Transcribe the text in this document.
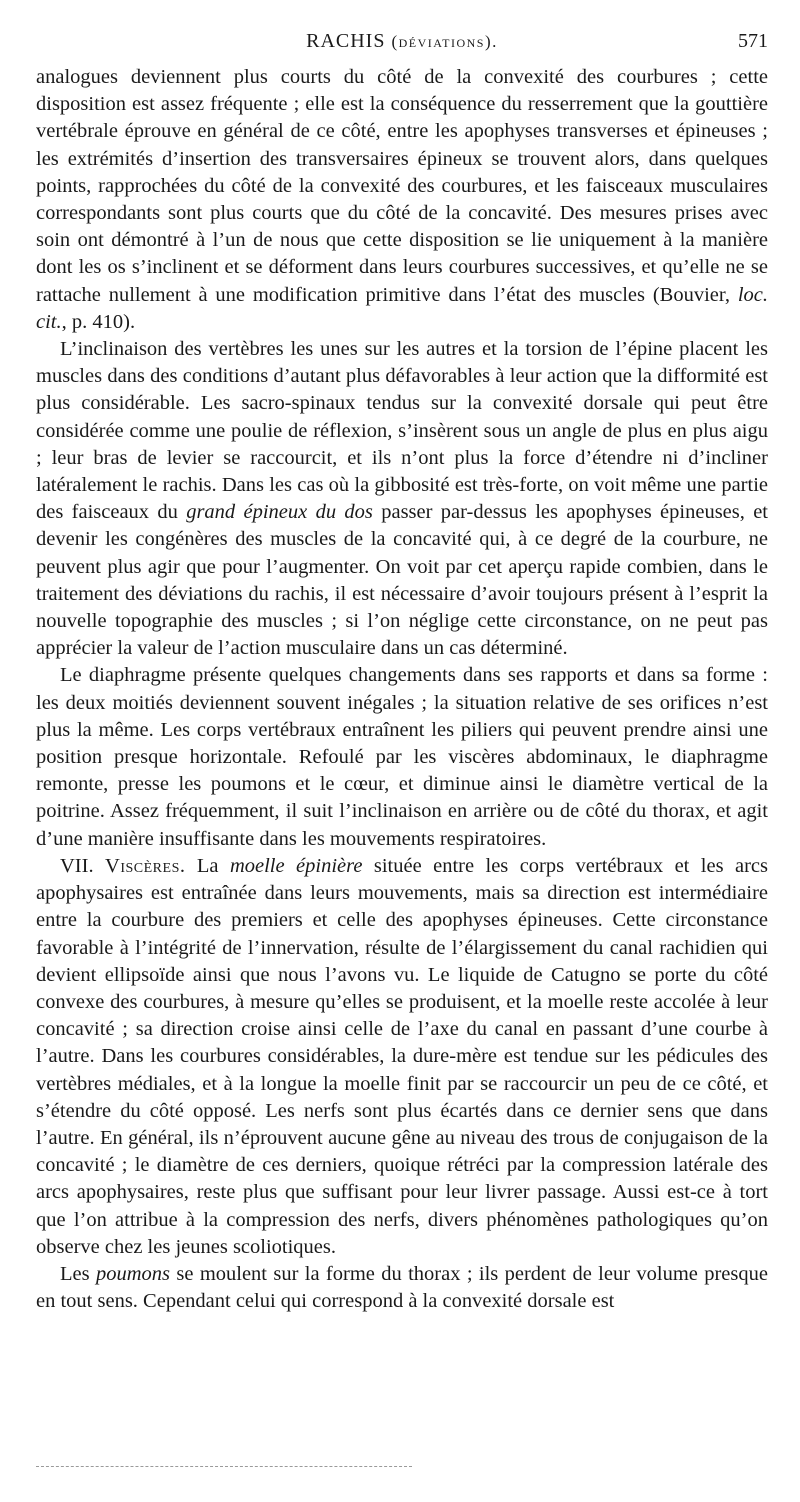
RACHIS (déviations).	571

analogues deviennent plus courts du côté de la convexité des courbures ; cette disposition est assez fréquente ; elle est la conséquence du resserrement que la gouttière vertébrale éprouve en général de ce côté, entre les apophyses transverses et épineuses ; les extrémités d’insertion des transversaires épineux se trouvent alors, dans quelques points, rapprochées du côté de la convexité des courbures, et les faisceaux musculaires correspondants sont plus courts que du côté de la concavité. Des mesures prises avec soin ont démontré à l’un de nous que cette disposition se lie uniquement à la manière dont les os s’inclinent et se déforment dans leurs courbures successives, et qu’elle ne se rattache nullement à une modification primitive dans l’état des muscles (Bouvier, loc. cit., p. 410).

L’inclinaison des vertèbres les unes sur les autres et la torsion de l’épine placent les muscles dans des conditions d’autant plus défavorables à leur action que la difformité est plus considérable. Les sacro-spinaux tendus sur la convexité dorsale qui peut être considérée comme une poulie de réflexion, s’insèrent sous un angle de plus en plus aigu ; leur bras de levier se raccourcit, et ils n’ont plus la force d’étendre ni d’incliner latéralement le rachis. Dans les cas où la gibbosité est très-forte, on voit même une partie des faisceaux du grand épineux du dos passer par-dessus les apophyses épineuses, et devenir les congénères des muscles de la concavité qui, à ce degré de la courbure, ne peuvent plus agir que pour l’augmenter. On voit par cet aperçu rapide combien, dans le traitement des déviations du rachis, il est nécessaire d’avoir toujours présent à l’esprit la nouvelle topographie des muscles ; si l’on néglige cette circonstance, on ne peut pas apprécier la valeur de l’action musculaire dans un cas déterminé.

Le diaphragme présente quelques changements dans ses rapports et dans sa forme : les deux moitiés deviennent souvent inégales ; la situation relative de ses orifices n’est plus la même. Les corps vertébraux entraînent les piliers qui peuvent prendre ainsi une position presque horizontale. Refoulé par les viscères abdominaux, le diaphragme remonte, presse les poumons et le cœur, et diminue ainsi le diamètre vertical de la poitrine. Assez fréquemment, il suit l’inclinaison en arrière ou de côté du thorax, et agit d’une manière insuffisante dans les mouvements respiratoires.

VII. Viscères. La moelle épinière située entre les corps vertébraux et les arcs apophysaires est entraînée dans leurs mouvements, mais sa direction est intermédiaire entre la courbure des premiers et celle des apophyses épineuses. Cette circonstance favorable à l’intégrité de l’innervation, résulte de l’élargissement du canal rachidien qui devient ellipsoïde ainsi que nous l’avons vu. Le liquide de Catugno se porte du côté convexe des courbures, à mesure qu’elles se produisent, et la moelle reste accolée à leur concavité ; sa direction croise ainsi celle de l’axe du canal en passant d’une courbe à l’autre. Dans les courbures considérables, la dure-mère est tendue sur les pédicules des vertèbres médiales, et à la longue la moelle finit par se raccourcir un peu de ce côté, et s’étendre du côté opposé. Les nerfs sont plus écartés dans ce dernier sens que dans l’autre. En général, ils n’éprouvent aucune gêne au niveau des trous de conjugaison de la concavité ; le diamètre de ces derniers, quoique rétréci par la compression latérale des arcs apophysaires, reste plus que suffisant pour leur livrer passage. Aussi est-ce à tort que l’on attribue à la compression des nerfs, divers phénomènes pathologiques qu’on observe chez les jeunes scoliotiques.

Les poumons se moulent sur la forme du thorax ; ils perdent de leur volume presque en tout sens. Cependant celui qui correspond à la convexité dorsale est
